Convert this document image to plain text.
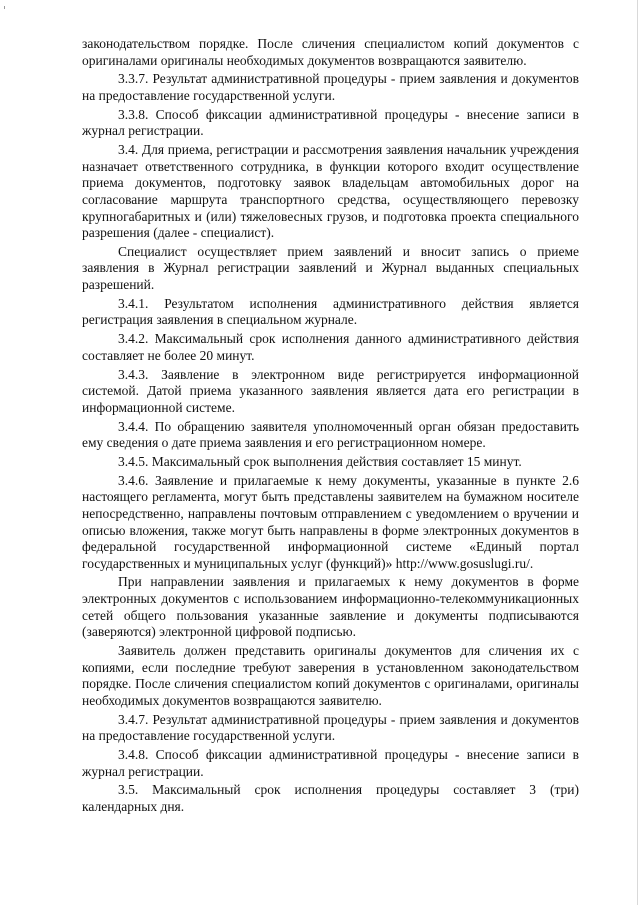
законодательством порядке. После сличения специалистом копий документов с оригиналами оригиналы необходимых документов возвращаются заявителю.

3.3.7. Результат административной процедуры - прием заявления и документов на предоставление государственной услуги.

3.3.8. Способ фиксации административной процедуры - внесение записи в журнал регистрации.

3.4. Для приема, регистрации и рассмотрения заявления начальник учреждения назначает ответственного сотрудника, в функции которого входит осуществление приема документов, подготовку заявок владельцам автомобильных дорог на согласование маршрута транспортного средства, осуществляющего перевозку крупногабаритных и (или) тяжеловесных грузов, и подготовка проекта специального разрешения (далее - специалист).

Специалист осуществляет прием заявлений и вносит запись о приеме заявления в Журнал регистрации заявлений и Журнал выданных специальных разрешений.

3.4.1. Результатом исполнения административного действия является регистрация заявления в специальном журнале.

3.4.2. Максимальный срок исполнения данного административного действия составляет не более 20 минут.

3.4.3. Заявление в электронном виде регистрируется информационной системой. Датой приема указанного заявления является дата его регистрации в информационной системе.

3.4.4. По обращению заявителя уполномоченный орган обязан предоставить ему сведения о дате приема заявления и его регистрационном номере.

3.4.5. Максимальный срок выполнения действия составляет 15 минут.

3.4.6. Заявление и прилагаемые к нему документы, указанные в пункте 2.6 настоящего регламента, могут быть представлены заявителем на бумажном носителе непосредственно, направлены почтовым отправлением с уведомлением о вручении и описью вложения, также могут быть направлены в форме электронных документов в федеральной государственной информационной системе «Единый портал государственных и муниципальных услуг (функций)» http://www.gosuslugi.ru/.

При направлении заявления и прилагаемых к нему документов в форме электронных документов с использованием информационно-телекоммуникационных сетей общего пользования указанные заявление и документы подписываются (заверяются) электронной цифровой подписью.

Заявитель должен представить оригиналы документов для сличения их с копиями, если последние требуют заверения в установленном законодательством порядке. После сличения специалистом копий документов с оригиналами, оригиналы необходимых документов возвращаются заявителю.

3.4.7. Результат административной процедуры - прием заявления и документов на предоставление государственной услуги.

3.4.8. Способ фиксации административной процедуры - внесение записи в журнал регистрации.

3.5. Максимальный срок исполнения процедуры составляет 3 (три) календарных дня.
